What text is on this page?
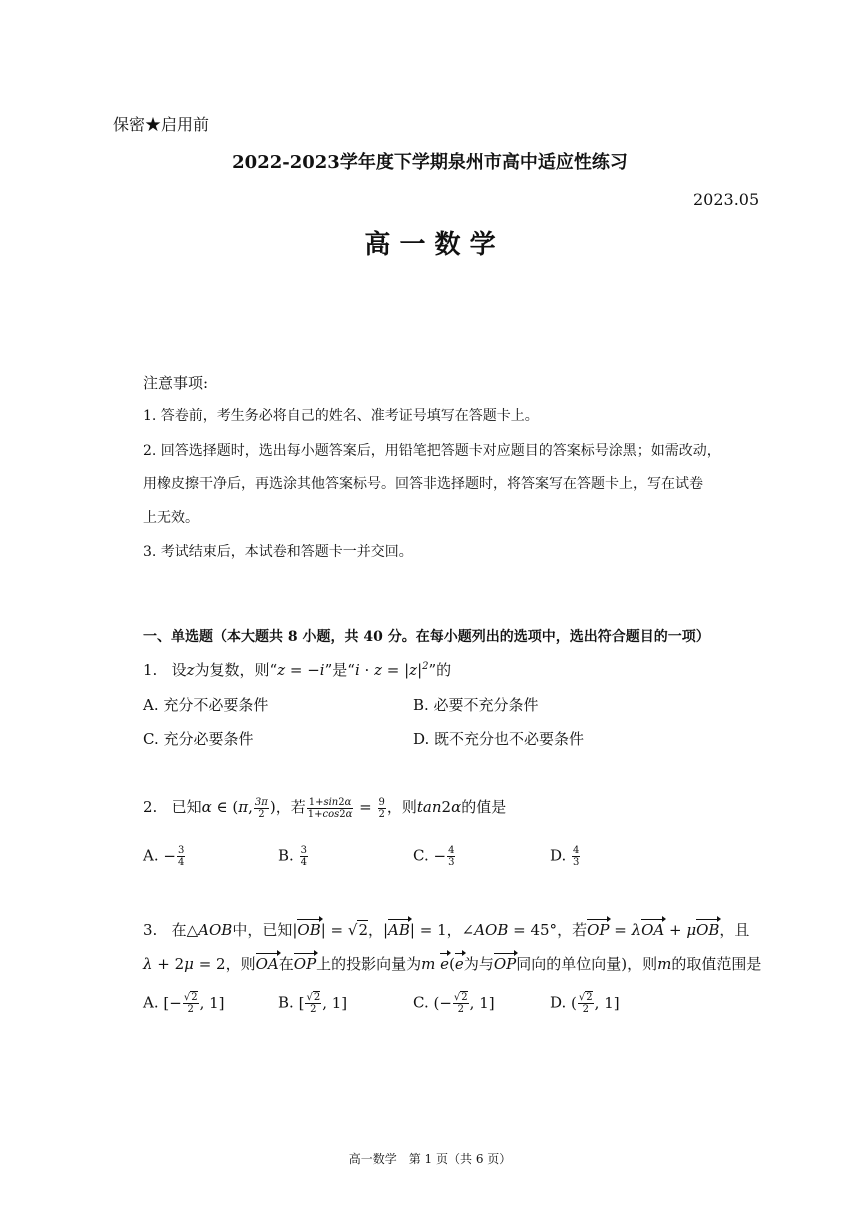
保密★启用前
2022-2023学年度下学期泉州市高中适应性练习
2023.05
高 一 数 学
注意事项:
1. 答卷前，考生务必将自己的姓名、准考证号填写在答题卡上。
2. 回答选择题时，选出每小题答案后，用铅笔把答题卡对应题目的答案标号涂黑；如需改动，
用橡皮擦干净后，再选涂其他答案标号。回答非选择题时，将答案写在答题卡上，写在试卷
上无效。
3. 考试结束后，本试卷和答题卡一并交回。
一、单选题（本大题共 8 小题，共 40 分。在每小题列出的选项中，选出符合题目的一项）
1. 设z为复数，则“z = −i”是“$i \cdot z = |z|^2$”的
A. 充分不必要条件	B. 必要不充分条件
C. 充分必要条件	D. 既不充分也不必要条件
2. 已知α ∈ (π, $\frac{3\pi}{2}$ )，若 $\frac{1+\sin 2\alpha}{1+\cos 2\alpha} = \frac{9}{2}$ ，则tan2α的值是
A. − $\frac{3}{4}$	B. $\frac{3}{4}$	C. − $\frac{4}{3}$	D. $\frac{4}{3}$
3. 在△AOB中，已知|OB| = √2，|AB| = 1，∠AOB = 45°，若OP = λOA + μOB，且
λ + 2μ = 2，则OA在OP上的投影向量为m e(e为与OP同向的单位向量)，则m的取值范围是
A. [− $\frac{√2}{2}$ , 1]	B. [ $\frac{√2}{2}$ , 1]	C. (− $\frac{√2}{2}$ , 1]	D. ( $\frac{√2}{2}$ , 1]
高一数学　第 1 页（共 6 页）
